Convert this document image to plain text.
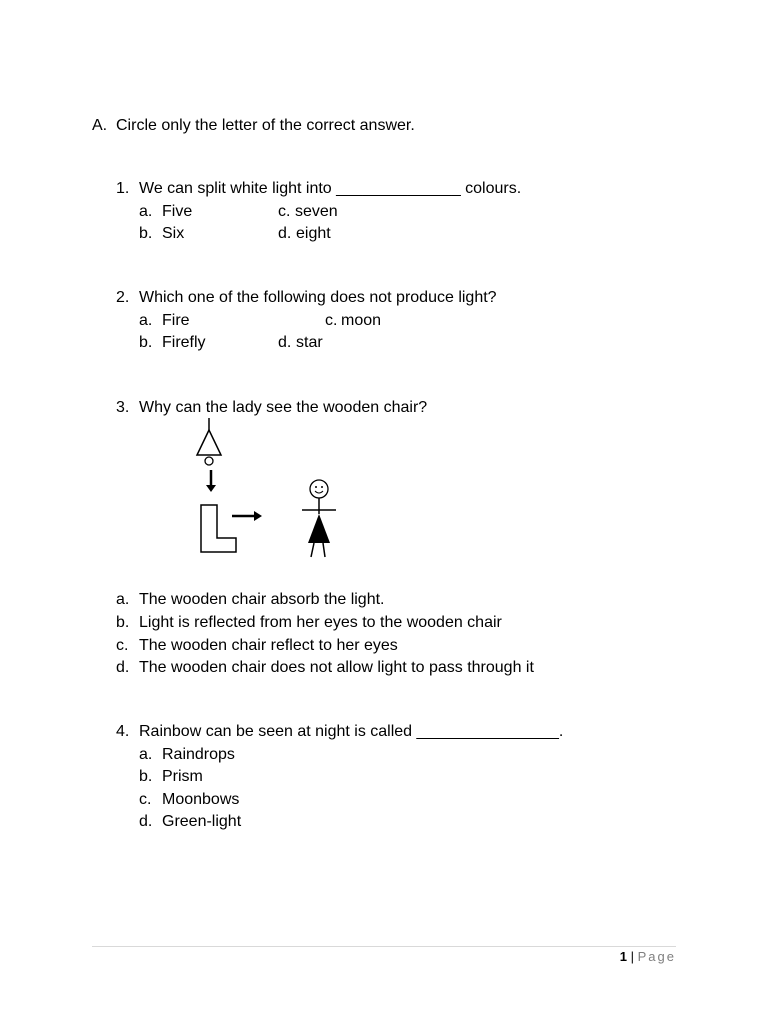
A. Circle only the letter of the correct answer.
1. We can split white light into ______________ colours.
a. Five
b. Six
c. seven
d. eight
2. Which one of the following does not produce light?
a. Fire
b. Firefly
c. moon
d. star
3. Why can the lady see the wooden chair?
a. The wooden chair absorb the light.
b. Light is reflected from her eyes to the wooden chair
c. The wooden chair reflect to her eyes
d. The wooden chair does not allow light to pass through it
4. Rainbow can be seen at night is called ________________.
a. Raindrops
b. Prism
c. Moonbows
d. Green-light
1 | Page
